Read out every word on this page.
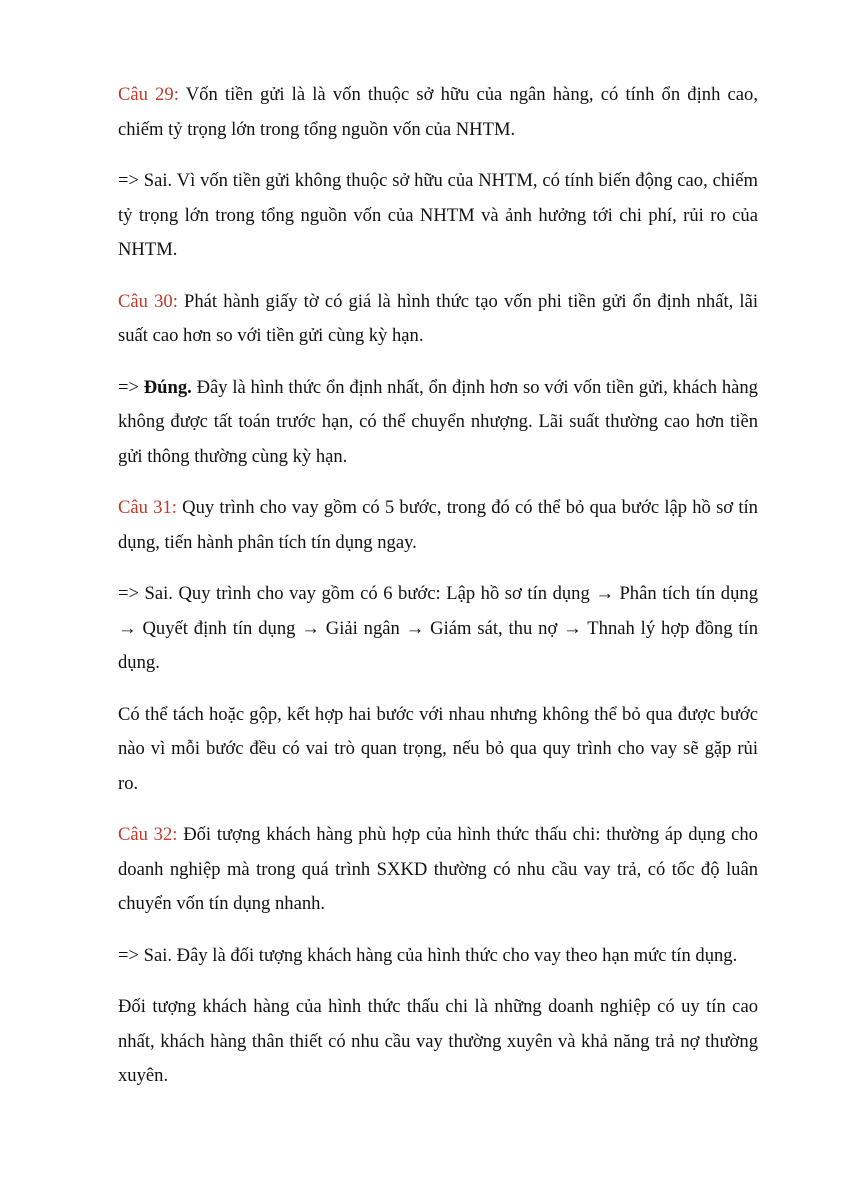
Câu 29: Vốn tiền gửi là là vốn thuộc sở hữu của ngân hàng, có tính ổn định cao, chiếm tỷ trọng lớn trong tổng nguồn vốn của NHTM.

=> Sai. Vì vốn tiền gửi không thuộc sở hữu của NHTM, có tính biến động cao, chiếm tỷ trọng lớn trong tổng nguồn vốn của NHTM và ảnh hưởng tới chi phí, rủi ro của NHTM.

Câu 30: Phát hành giấy tờ có giá là hình thức tạo vốn phi tiền gửi ổn định nhất, lãi suất cao hơn so với tiền gửi cùng kỳ hạn.

=> Đúng. Đây là hình thức ổn định nhất, ổn định hơn so với vốn tiền gửi, khách hàng không được tất toán trước hạn, có thể chuyển nhượng. Lãi suất thường cao hơn tiền gửi thông thường cùng kỳ hạn.

Câu 31: Quy trình cho vay gồm có 5 bước, trong đó có thể bỏ qua bước lập hồ sơ tín dụng, tiến hành phân tích tín dụng ngay.

=> Sai. Quy trình cho vay gồm có 6 bước: Lập hồ sơ tín dụng → Phân tích tín dụng → Quyết định tín dụng → Giải ngân → Giám sát, thu nợ → Thnah lý hợp đồng tín dụng.

Có thể tách hoặc gộp, kết hợp hai bước với nhau nhưng không thể bỏ qua được bước nào vì mỗi bước đều có vai trò quan trọng, nếu bỏ qua quy trình cho vay sẽ gặp rủi ro.

Câu 32: Đối tượng khách hàng phù hợp của hình thức thấu chi: thường áp dụng cho doanh nghiệp mà trong quá trình SXKD thường có nhu cầu vay trả, có tốc độ luân chuyển vốn tín dụng nhanh.

=> Sai. Đây là đối tượng khách hàng của hình thức cho vay theo hạn mức tín dụng.

Đối tượng khách hàng của hình thức thấu chi là những doanh nghiệp có uy tín cao nhất, khách hàng thân thiết có nhu cầu vay thường xuyên và khả năng trả nợ thường xuyên.
